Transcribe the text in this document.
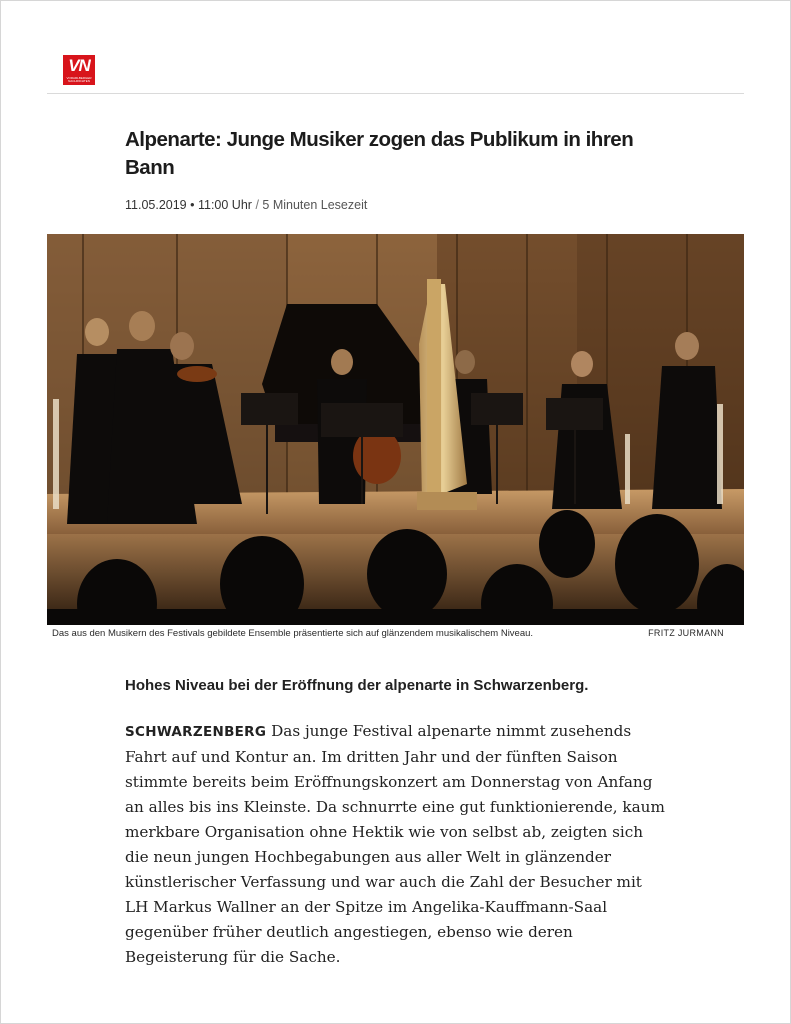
VN
VORARLBERGER NACHRICHTEN
Alpenarte: Junge Musiker zogen das Publikum in ihren Bann
11.05.2019 • 11:00 Uhr / 5 Minuten Lesezeit
Das aus den Musikern des Festivals gebildete Ensemble präsentierte sich auf glänzendem musikalischem Niveau.	FRITZ JURMANN
Hohes Niveau bei der Eröffnung der alpenarte in Schwarzenberg.

SCHWARZENBERG Das junge Festival alpenarte nimmt zusehends Fahrt auf und Kontur an. Im dritten Jahr und der fünften Saison stimmte bereits beim Eröffnungskonzert am Donnerstag von Anfang an alles bis ins Kleinste. Da schnurrte eine gut funktionierende, kaum merkbare Organisation ohne Hektik wie von selbst ab, zeigten sich die neun jungen Hochbegabungen aus aller Welt in glänzender künstlerischer Verfassung und war auch die Zahl der Besucher mit LH Markus Wallner an der Spitze im Angelika-Kauffmann-Saal gegenüber früher deutlich angestiegen, ebenso wie deren Begeisterung für die Sache.
